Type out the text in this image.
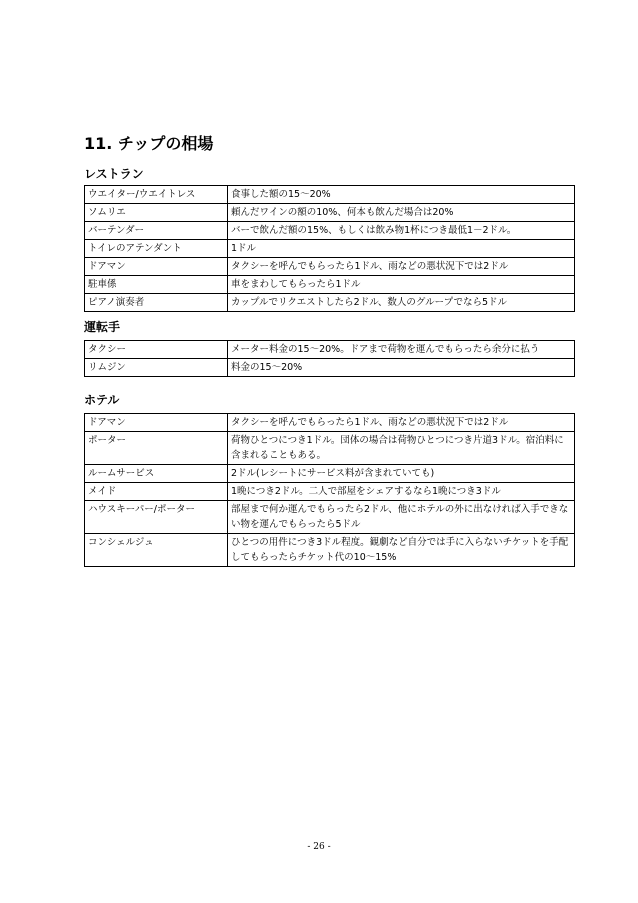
11. チップの相場
レストラン
ウエイター/ウエイトレス	食事した額の15～20%
ソムリエ	頼んだワインの額の10%、何本も飲んだ場合は20%
バーテンダー	バーで飲んだ額の15%、もしくは飲み物1杯につき最低1－2ドル。
トイレのアテンダント	1ドル
ドアマン	タクシーを呼んでもらったら1ドル、雨などの悪状況下では2ドル
駐車係	車をまわしてもらったら1ドル
ピアノ演奏者	カップルでリクエストしたら2ドル、数人のグループでなら5ドル
運転手
タクシー	メーター料金の15～20%。ドアまで荷物を運んでもらったら余分に払う
リムジン	料金の15～20%
ホテル
ドアマン	タクシーを呼んでもらったら1ドル、雨などの悪状況下では2ドル
ポーター	荷物ひとつにつき1ドル。団体の場合は荷物ひとつにつき片道3ドル。宿泊料に含まれることもある。
ルームサービス	2ドル(レシートにサービス料が含まれていても)
メイド	1晩につき2ドル。二人で部屋をシェアするなら1晩につき3ドル
ハウスキーパー/ポーター	部屋まで何か運んでもらったら2ドル、他にホテルの外に出なければ入手できない物を運んでもらったら5ドル
コンシェルジュ	ひとつの用件につき3ドル程度。観劇など自分では手に入らないチケットを手配してもらったらチケット代の10～15%
- 26 -
